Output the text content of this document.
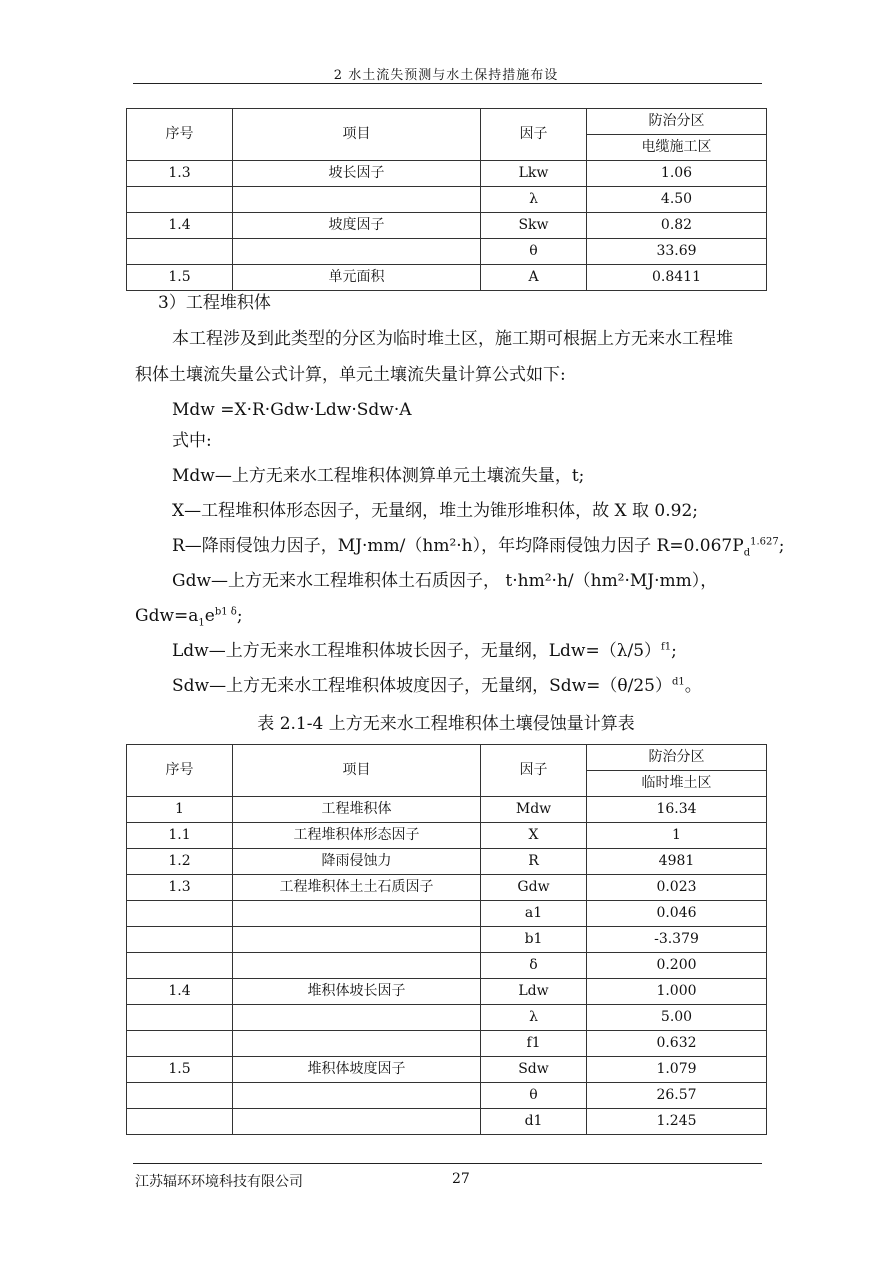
2 水土流失预测与水土保持措施布设
序号	项目	因子	防治分区
			电缆施工区
1.3	坡长因子	Lkw	1.06
		λ	4.50
1.4	坡度因子	Skw	0.82
		θ	33.69
1.5	单元面积	A	0.8411
3）工程堆积体
本工程涉及到此类型的分区为临时堆土区，施工期可根据上方无来水工程堆
积体土壤流失量公式计算，单元土壤流失量计算公式如下:
Mdw =X·R·Gdw·Ldw·Sdw·A
式中:
Mdw—上方无来水工程堆积体测算单元土壤流失量，t;
X—工程堆积体形态因子，无量纲，堆土为锥形堆积体，故 X 取 0.92;
R—降雨侵蚀力因子，MJ·mm/（hm²·h），年均降雨侵蚀力因子 $R=0.067P_d^{1.627}$;
Gdw—上方无来水工程堆积体土石质因子， t·hm²·h/（hm²·MJ·mm），
$Gdw=a_1e^{b1 \delta}$;
Ldw—上方无来水工程堆积体坡长因子，无量纲，$Ldw=(\lambda/5)^{f1}$;
Sdw—上方无来水工程堆积体坡度因子，无量纲，$Sdw=(\theta/25)^{d1}$。
表 2.1-4 上方无来水工程堆积体土壤侵蚀量计算表
序号	项目	因子	防治分区
			临时堆土区
1	工程堆积体	Mdw	16.34
1.1	工程堆积体形态因子	X	1
1.2	降雨侵蚀力	R	4981
1.3	工程堆积体土土石质因子	Gdw	0.023
		a1	0.046
		b1	-3.379
		δ	0.200
1.4	堆积体坡长因子	Ldw	1.000
		λ	5.00
		f1	0.632
1.5	堆积体坡度因子	Sdw	1.079
		θ	26.57
		d1	1.245
江苏辐环环境科技有限公司	27
